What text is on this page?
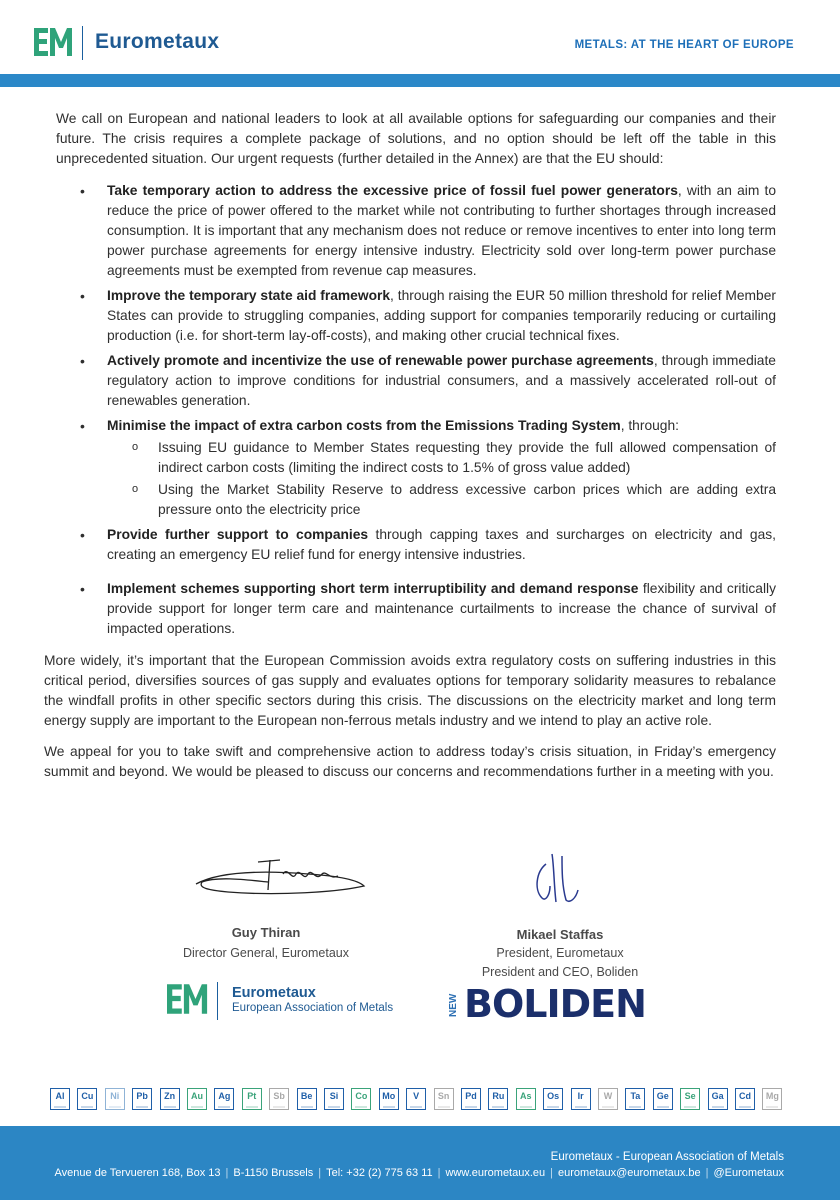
Eurometaux	METALS: AT THE HEART OF EUROPE
We call on European and national leaders to look at all available options for safeguarding our companies and their future. The crisis requires a complete package of solutions, and no option should be left off the table in this unprecedented situation. Our urgent requests (further detailed in the Annex) are that the EU should:
• Take temporary action to address the excessive price of fossil fuel power generators, with an aim to reduce the price of power offered to the market while not contributing to further shortages through increased consumption. It is important that any mechanism does not reduce or remove incentives to enter into long term power purchase agreements for energy intensive industry. Electricity sold over long-term power purchase agreements must be exempted from revenue cap measures.
• Improve the temporary state aid framework, through raising the EUR 50 million threshold for relief Member States can provide to struggling companies, adding support for companies temporarily reducing or curtailing production (i.e. for short-term lay-off-costs), and making other crucial technical fixes.
• Actively promote and incentivize the use of renewable power purchase agreements, through immediate regulatory action to improve conditions for industrial consumers, and a massively accelerated roll-out of renewables generation.
• Minimise the impact of extra carbon costs from the Emissions Trading System, through:
o Issuing EU guidance to Member States requesting they provide the full allowed compensation of indirect carbon costs (limiting the indirect costs to 1.5% of gross value added)
o Using the Market Stability Reserve to address excessive carbon prices which are adding extra pressure onto the electricity price
• Provide further support to companies through capping taxes and surcharges on electricity and gas, creating an emergency EU relief fund for energy intensive industries.
• Implement schemes supporting short term interruptibility and demand response flexibility and critically provide support for longer term care and maintenance curtailments to increase the chance of survival of impacted operations.
More widely, it’s important that the European Commission avoids extra regulatory costs on suffering industries in this critical period, diversifies sources of gas supply and evaluates options for temporary solidarity measures to rebalance the windfall profits in other specific sectors during this crisis. The discussions on the electricity market and long term energy supply are important to the European non-ferrous metals industry and we intend to play an active role.
We appeal for you to take swift and comprehensive action to address today’s crisis situation, in Friday’s emergency summit and beyond. We would be pleased to discuss our concerns and recommendations further in a meeting with you.
Guy Thiran
Director General, Eurometaux
Mikael Staffas
President, Eurometaux
President and CEO, Boliden
Eurometaux
European Association of Metals	NEW BOLIDEN
Al	Cu	Ni	Pb	Zn	Au	Ag	Pt	Sb	Be	Si	Co	Mo	V	Sn	Pd	Ru	As	Os	Ir	W	Ta	Ge	Se	Ga	Cd	Mg
Eurometaux - European Association of Metals
Avenue de Tervueren 168, Box 13 | B-1150 Brussels | Tel: +32 (2) 775 63 11 | www.eurometaux.eu | eurometaux@eurometaux.be | @Eurometaux
